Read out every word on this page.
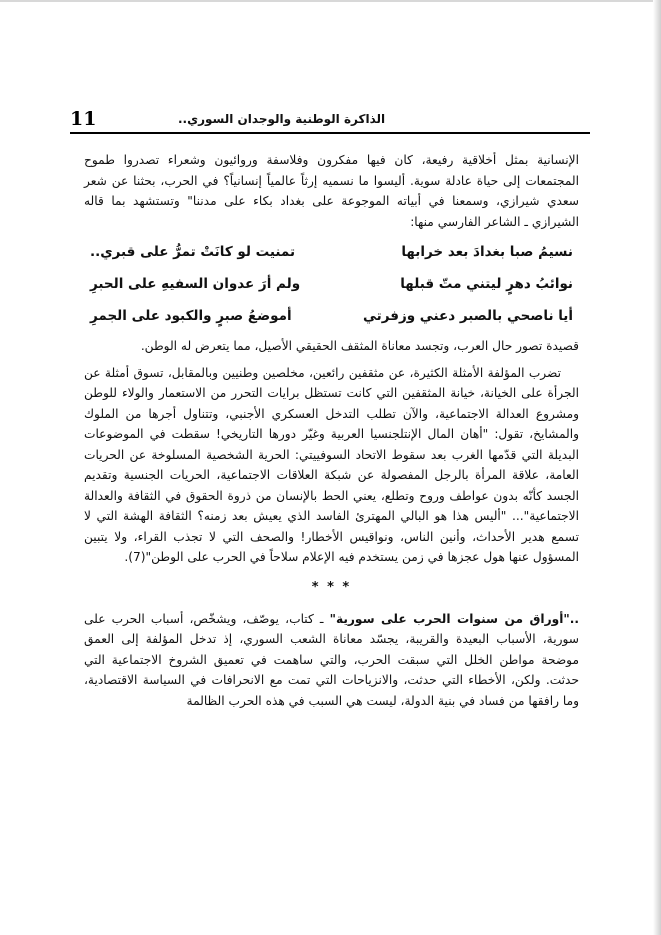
11	الذاكرة الوطنية والوجدان السوري..

الإنسانية بمثل أخلاقية رفيعة، كان فيها مفكرون وفلاسفة وروائيون وشعراء تصدروا طموح المجتمعات إلى حياة عادلة سوية. أليسوا ما نسميه إرثاً عالمياً إنسانياً؟ في الحرب، بحثنا عن شعر سعدي شيرازي، وسمعنا في أبياته الموجوعة على بغداد بكاء على مدننا" وتستشهد بما قاله الشيرازي ـ الشاعر الفارسي منها:

نسيمُ صبا بغدادَ بعد خرابها
تمنيت لو كانَتْ تمرُّ على قبري..
نوائبُ دهرٍ ليتني متّ قبلها
ولم أرَ عدوان السفيهِ على الحبرِ
أيا ناصحي بالصبر دعني وزفرتي
أموضعُ صبرٍ والكبود على الجمرِ

قصيدة تصور حال العرب، وتجسد معاناة المثقف الحقيقي الأصيل، مما يتعرض له الوطن.

تضرب المؤلفة الأمثلة الكثيرة، عن مثقفين رائعين، مخلصين وطنيين وبالمقابل، تسوق أمثلة عن الجرأة على الخيانة، خيانة المثقفين التي كانت تستظل برايات التحرر من الاستعمار والولاء للوطن ومشروع العدالة الاجتماعية، والآن تطلب التدخل العسكري الأجنبي، وتتناول أجرها من الملوك والمشايخ، تقول: "أهان المال الإنتلجنسيا العربية وغيّر دورها التاريخي! سقطت في الموضوعات البديلة التي قدّمها الغرب بعد سقوط الاتحاد السوفييتي: الحرية الشخصية المسلوخة عن الحريات العامة، علاقة المرأة بالرجل المفصولة عن شبكة العلاقات الاجتماعية، الحريات الجنسية وتقديم الجسد كأنّه بدون عواطف وروح وتطلع، يعني الحط بالإنسان من ذروة الحقوق في الثقافة والعدالة الاجتماعية"... "أليس هذا هو البالي المهترئ الفاسد الذي يعيش بعد زمنه؟ الثقافة الهشة التي لا تسمع هدير الأحداث، وأنين الناس، ونواقيس الأخطار! والصحف التي لا تجذب القراء، ولا يتبين المسؤول عنها هول عجزها في زمن يستخدم فيه الإعلام سلاحاً في الحرب على الوطن"(7).

* * *

.."أوراق من سنوات الحرب على سورية" ـ كتاب، يوصّف، ويشخّص، أسباب الحرب على سورية، الأسباب البعيدة والقريبة، يجسّد معاناة الشعب السوري، إذ تدخل المؤلفة إلى العمق موضحة مواطن الخلل التي سبقت الحرب، والتي ساهمت في تعميق الشروخ الاجتماعية التي حدثت. ولكن، الأخطاء التي حدثت، والانزياحات التي تمت مع الانحرافات في السياسة الاقتصادية، وما رافقها من فساد في بنية الدولة، ليست هي السبب في هذه الحرب الظالمة
